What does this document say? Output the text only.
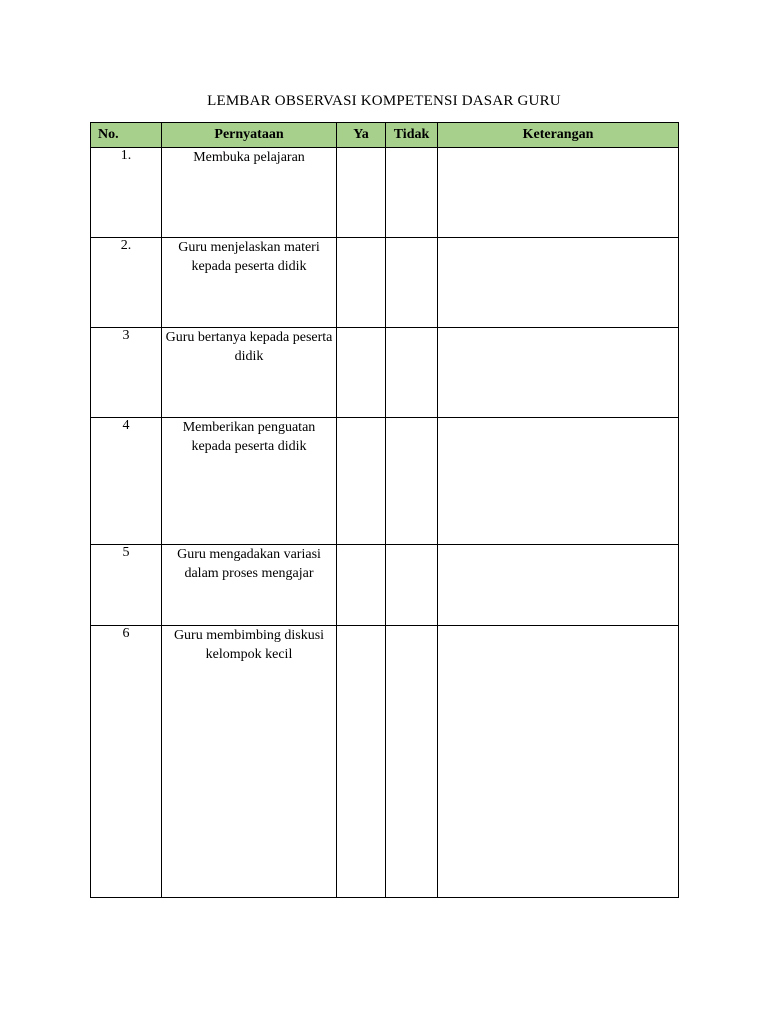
LEMBAR OBSERVASI KOMPETENSI DASAR GURU
No.	Pernyataan	Ya	Tidak	Keterangan
1.	Membuka pelajaran			
2.	Guru menjelaskan materi kepada peserta didik			
3	Guru bertanya kepada peserta didik			
4	Memberikan penguatan kepada peserta didik			
5	Guru mengadakan variasi dalam proses mengajar			
6	Guru membimbing diskusi kelompok kecil			
